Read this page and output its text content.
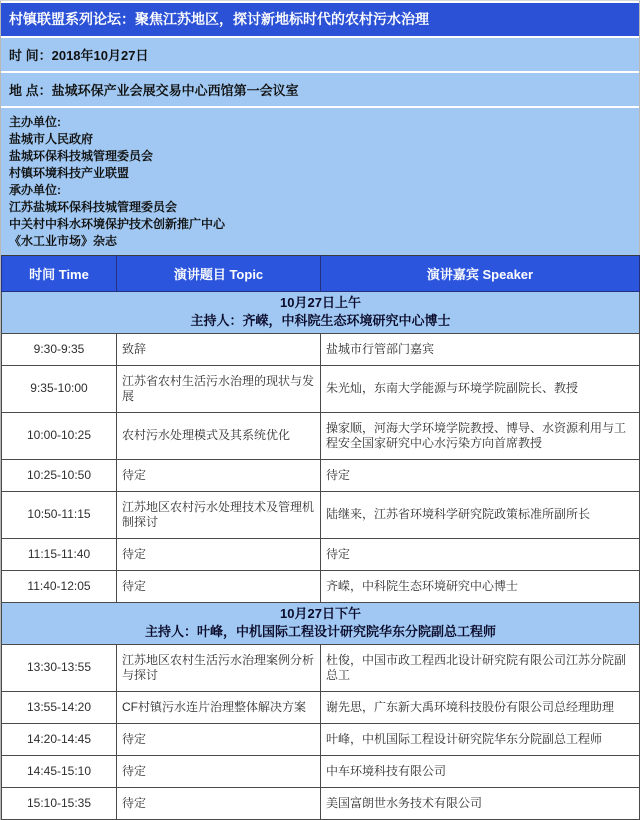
村镇联盟系列论坛：聚焦江苏地区，探讨新地标时代的农村污水治理
时 间：2018年10月27日
地 点：盐城环保产业会展交易中心西馆第一会议室
主办单位:
盐城市人民政府
盐城环保科技城管理委员会
村镇环境科技产业联盟
承办单位:
江苏盐城环保科技城管理委员会
中关村中科水环境保护技术创新推广中心
《水工业市场》杂志
时间 Time	演讲题目 Topic	演讲嘉宾 Speaker

10月27日上午
主持人：齐嵘，中科院生态环境研究中心博士		

9:30-9:35	致辞	盐城市行管部门嘉宾
9:35-10:00	江苏省农村生活污水治理的现状与发展	朱光灿，东南大学能源与环境学院副院长、教授
10:00-10:25	农村污水处理模式及其系统优化	操家顺，河海大学环境学院教授、博导、水资源利用与工程安全国家研究中心水污染方向首席教授
10:25-10:50	待定	待定
10:50-11:15	江苏地区农村污水处理技术及管理机制探讨	陆继来，江苏省环境科学研究院政策标准所副所长
11:15-11:40	待定	待定
11:40-12:05	待定	齐嵘，中科院生态环境研究中心博士

10月27日下午
主持人：叶峰，中机国际工程设计研究院华东分院副总工程师		

13:30-13:55	江苏地区农村生活污水治理案例分析与探讨	杜俊，中国市政工程西北设计研究院有限公司江苏分院副总工
13:55-14:20	CF村镇污水连片治理整体解决方案	谢先思，广东新大禹环境科技股份有限公司总经理助理
14:20-14:45	待定	叶峰，中机国际工程设计研究院华东分院副总工程师
14:45-15:10	待定	中车环境科技有限公司
15:10-15:35	待定	美国富朗世水务技术有限公司
